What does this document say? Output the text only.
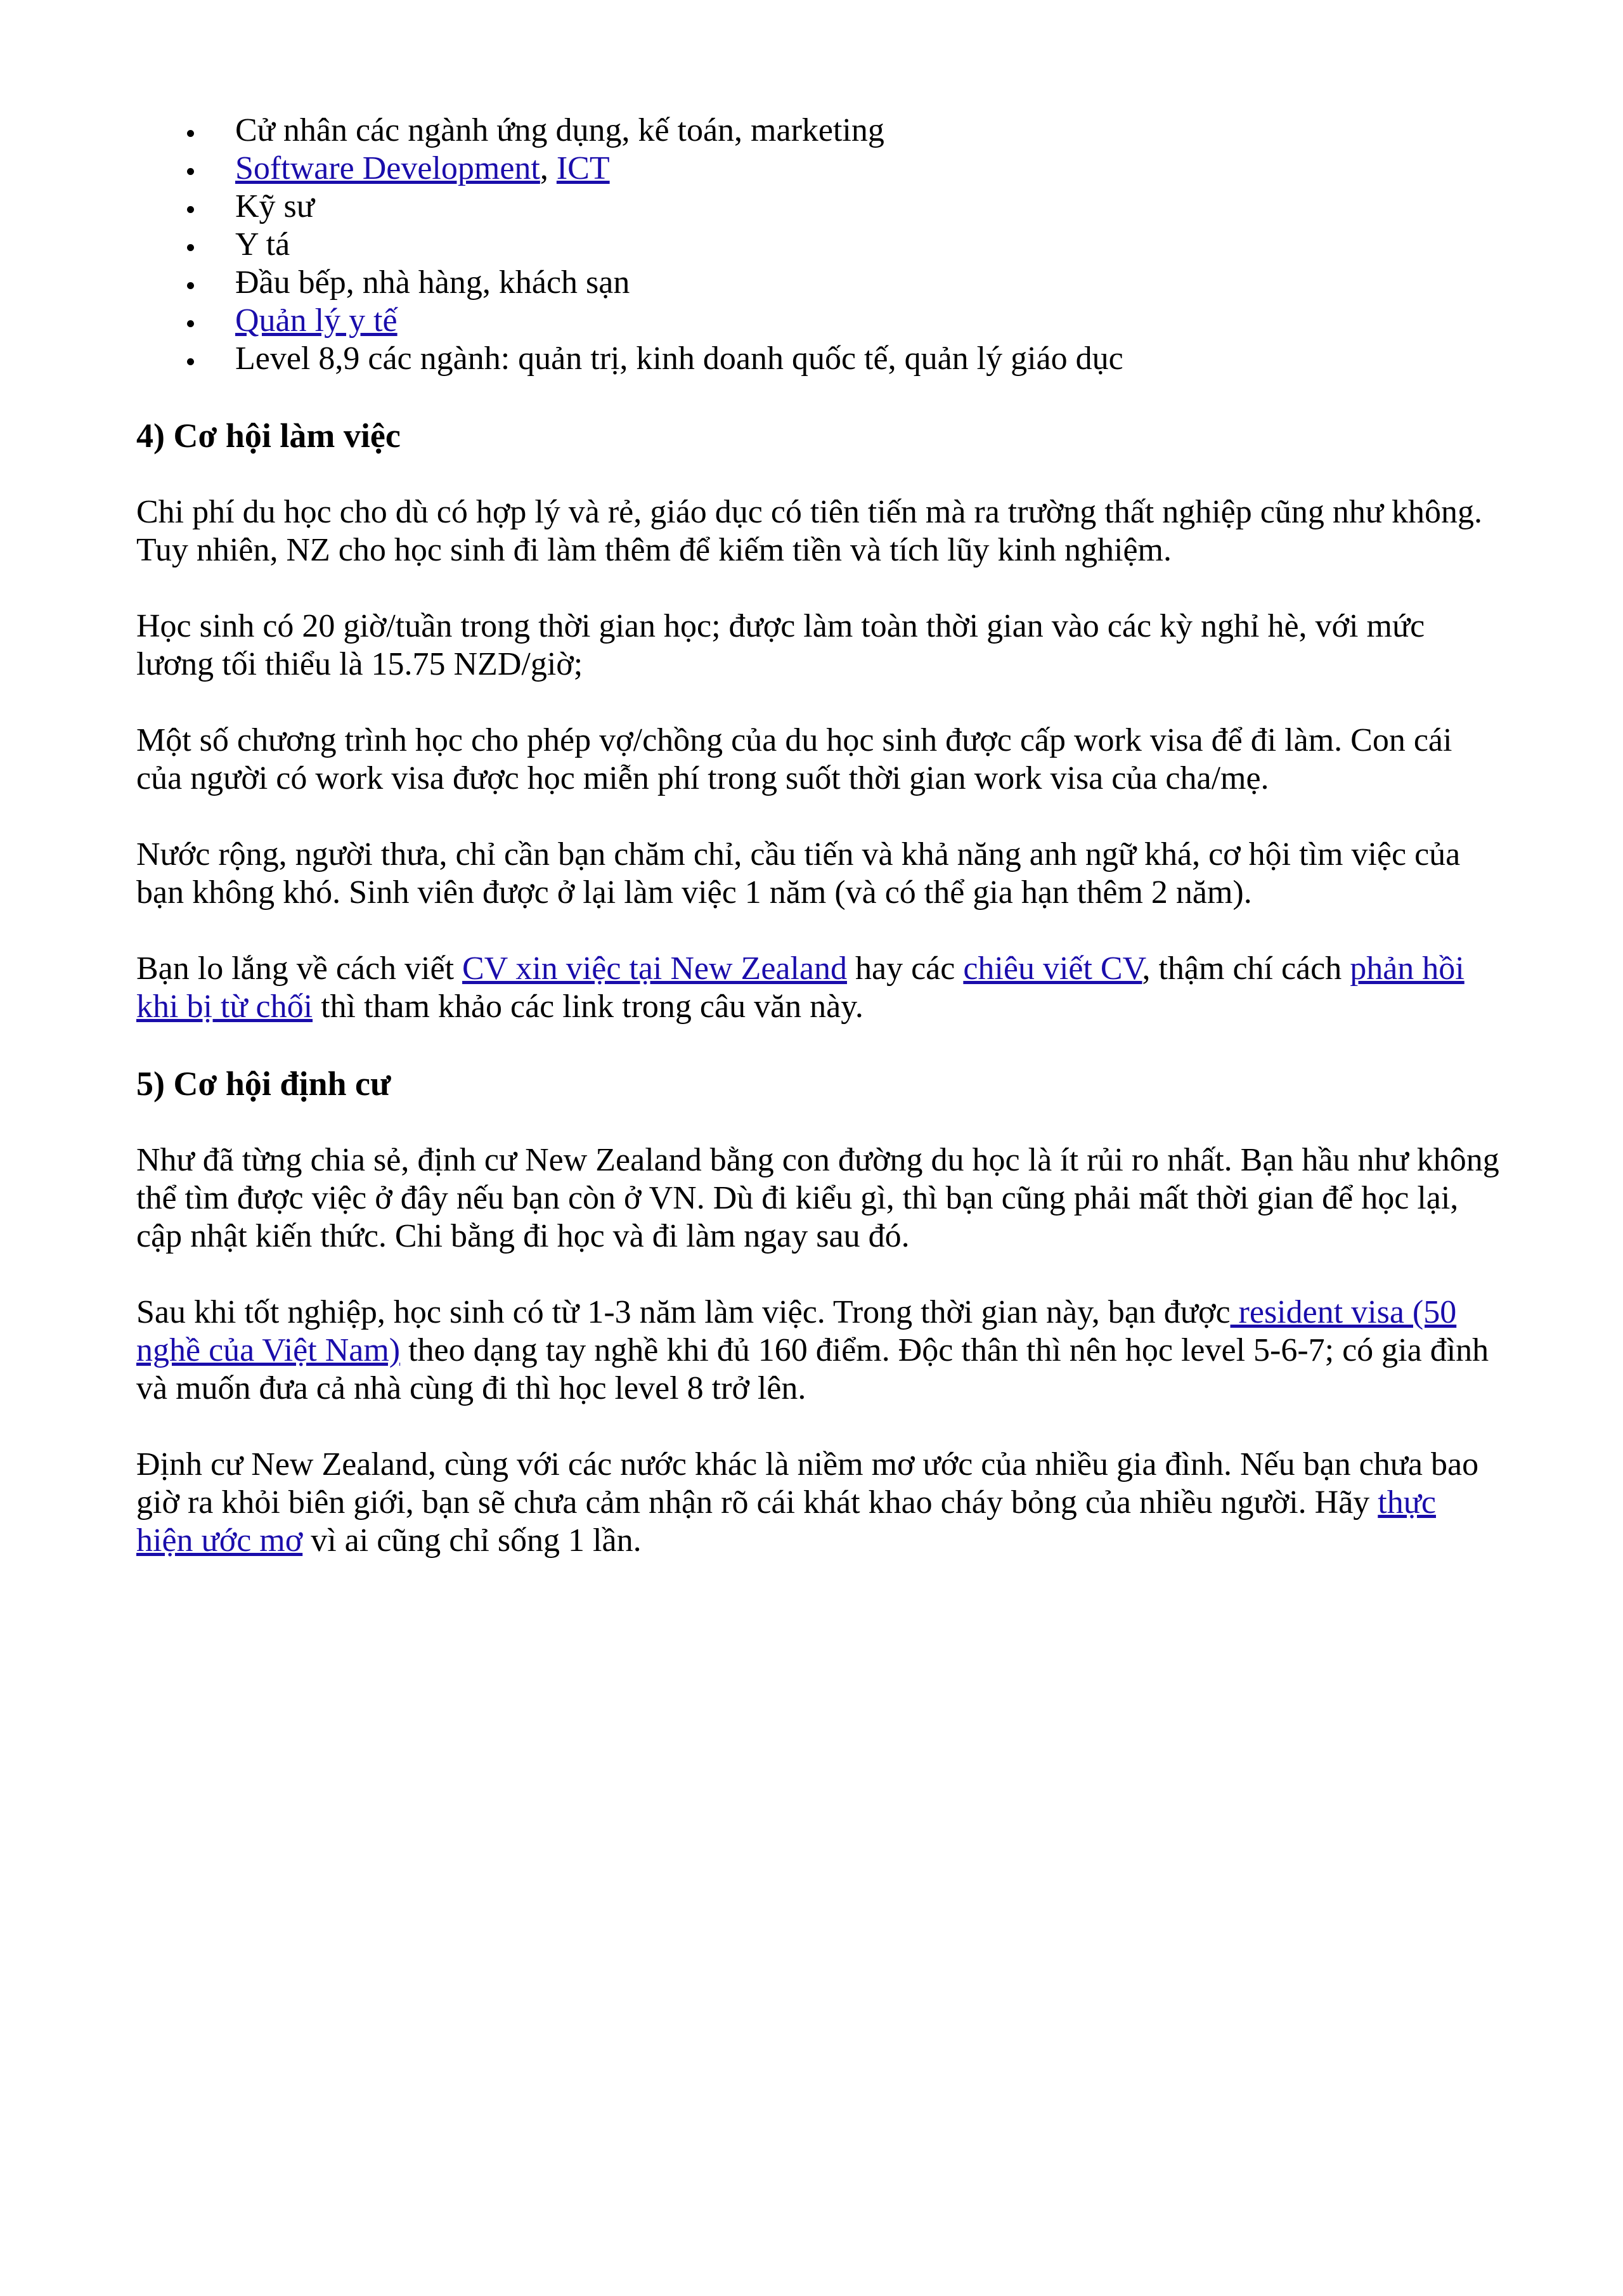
Cử nhân các ngành ứng dụng, kế toán, marketing
Software Development, ICT
Kỹ sư
Y tá
Đầu bếp, nhà hàng, khách sạn
Quản lý y tế
Level 8,9 các ngành: quản trị, kinh doanh quốc tế, quản lý giáo dục
4) Cơ hội làm việc

Chi phí du học cho dù có hợp lý và rẻ, giáo dục có tiên tiến mà ra trường thất nghiệp cũng như không.
Tuy nhiên, NZ cho học sinh đi làm thêm để kiếm tiền và tích lũy kinh nghiệm.

Học sinh có 20 giờ/tuần trong thời gian học; được làm toàn thời gian vào các kỳ nghỉ hè, với mức
lương tối thiểu là 15.75 NZD/giờ;

Một số chương trình học cho phép vợ/chồng của du học sinh được cấp work visa để đi làm. Con cái
của người có work visa được học miễn phí trong suốt thời gian work visa của cha/mẹ.

Nước rộng, người thưa, chỉ cần bạn chăm chỉ, cầu tiến và khả năng anh ngữ khá, cơ hội tìm việc của
bạn không khó. Sinh viên được ở lại làm việc 1 năm (và có thể gia hạn thêm 2 năm).

Bạn lo lắng về cách viết CV xin việc tại New Zealand hay các chiêu viết CV, thậm chí cách phản hồi
khi bị từ chối thì tham khảo các link trong câu văn này.

5) Cơ hội định cư

Như đã từng chia sẻ, định cư New Zealand bằng con đường du học là ít rủi ro nhất. Bạn hầu như không
thể tìm được việc ở đây nếu bạn còn ở VN. Dù đi kiểu gì, thì bạn cũng phải mất thời gian để học lại,
cập nhật kiến thức. Chi bằng đi học và đi làm ngay sau đó.

Sau khi tốt nghiệp, học sinh có từ 1-3 năm làm việc. Trong thời gian này, bạn được resident visa (50
nghề của Việt Nam) theo dạng tay nghề khi đủ 160 điểm. Độc thân thì nên học level 5-6-7; có gia đình
và muốn đưa cả nhà cùng đi thì học level 8 trở lên.

Định cư New Zealand, cùng với các nước khác là niềm mơ ước của nhiều gia đình. Nếu bạn chưa bao
giờ ra khỏi biên giới, bạn sẽ chưa cảm nhận rõ cái khát khao cháy bỏng của nhiều người. Hãy thực
hiện ước mơ vì ai cũng chỉ sống 1 lần.
